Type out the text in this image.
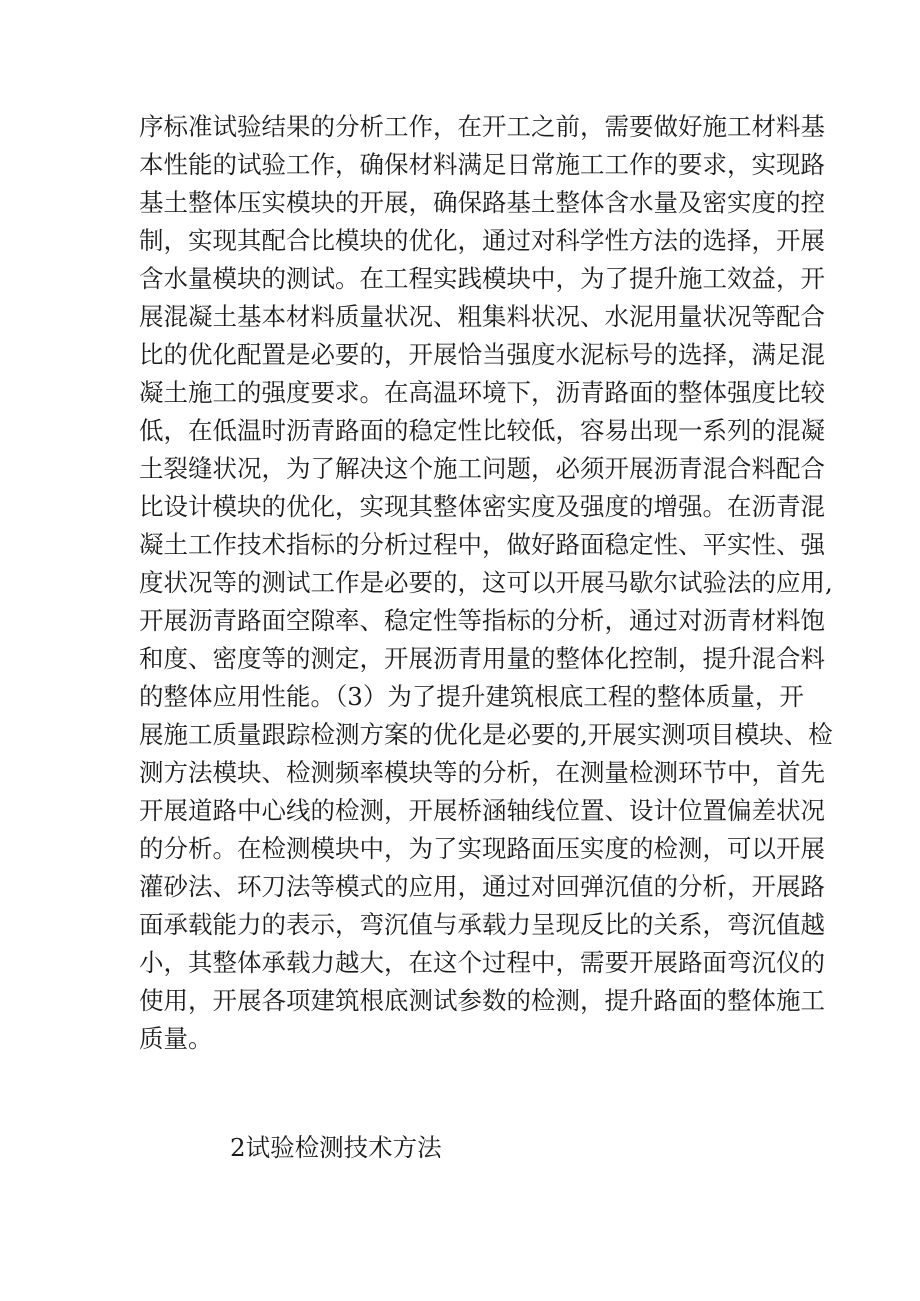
序标准试验结果的分析工作，在开工之前，需要做好施工材料基
本性能的试验工作，确保材料满足日常施工工作的要求，实现路
基土整体压实模块的开展，确保路基土整体含水量及密实度的控
制，实现其配合比模块的优化，通过对科学性方法的选择，开展
含水量模块的测试。在工程实践模块中，为了提升施工效益，开
展混凝土基本材料质量状况、粗集料状况、水泥用量状况等配合
比的优化配置是必要的，开展恰当强度水泥标号的选择，满足混
凝土施工的强度要求。在高温环境下，沥青路面的整体强度比较
低，在低温时沥青路面的稳定性比较低，容易出现一系列的混凝
土裂缝状况，为了解决这个施工问题，必须开展沥青混合料配合
比设计模块的优化，实现其整体密实度及强度的增强。在沥青混
凝土工作技术指标的分析过程中，做好路面稳定性、平实性、强
度状况等的测试工作是必要的，这可以开展马歇尔试验法的应用,
开展沥青路面空隙率、稳定性等指标的分析，通过对沥青材料饱
和度、密度等的测定，开展沥青用量的整体化控制，提升混合料
的整体应用性能。（3）为了提升建筑根底工程的整体质量，开
展施工质量跟踪检测方案的优化是必要的,开展实测项目模块、检
测方法模块、检测频率模块等的分析，在测量检测环节中，首先
开展道路中心线的检测，开展桥涵轴线位置、设计位置偏差状况
的分析。在检测模块中，为了实现路面压实度的检测，可以开展
灌砂法、环刀法等模式的应用，通过对回弹沉值的分析，开展路
面承载能力的表示，弯沉值与承载力呈现反比的关系，弯沉值越
小，其整体承载力越大，在这个过程中，需要开展路面弯沉仪的
使用，开展各项建筑根底测试参数的检测，提升路面的整体施工
质量。
2试验检测技术方法
